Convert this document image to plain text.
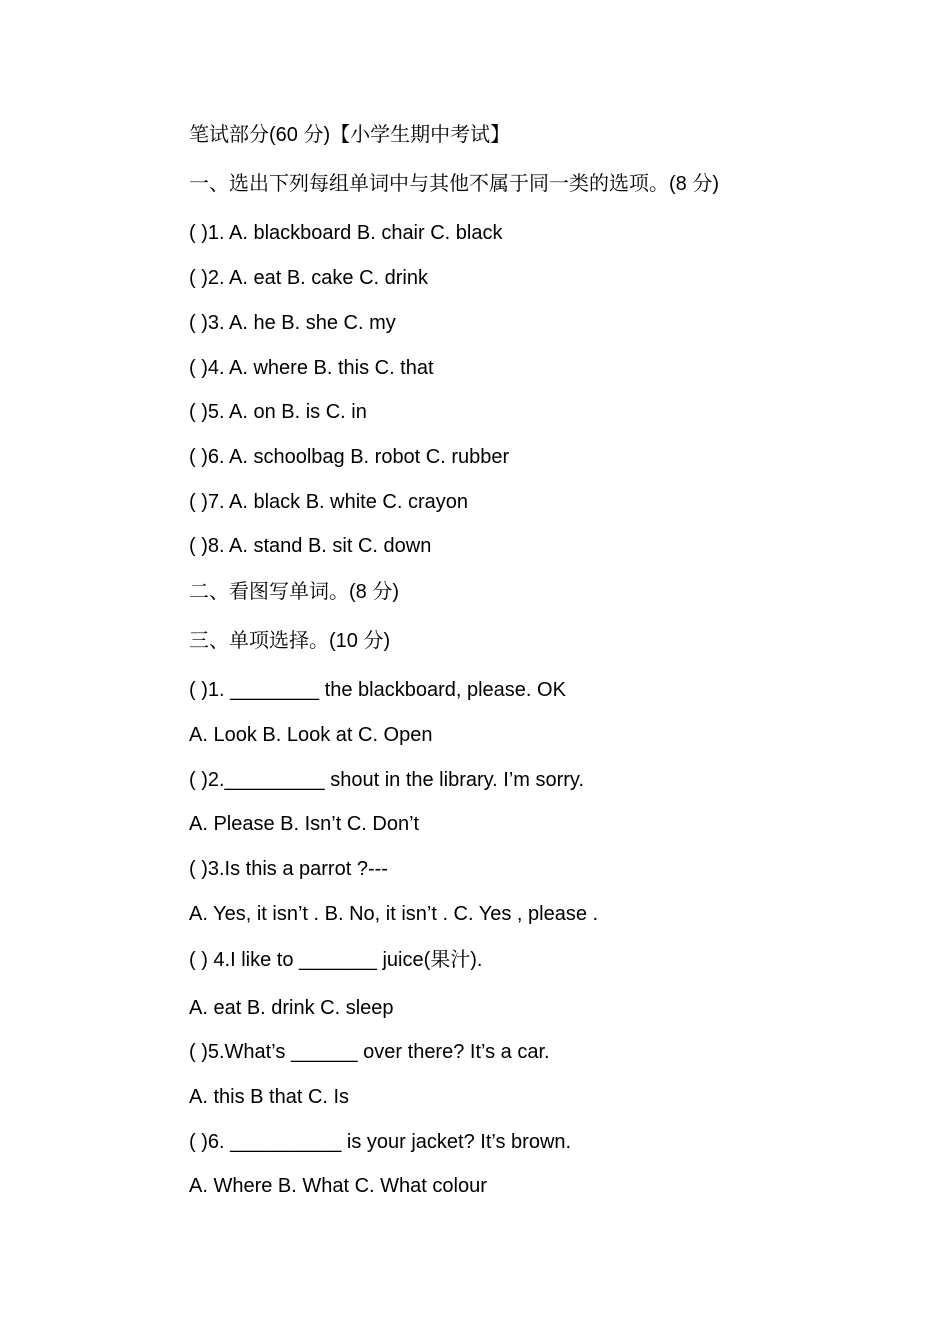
笔试部分(60 分)【小学生期中考试】
一、选出下列每组单词中与其他不属于同一类的选项。(8 分)
( )1. A. blackboard B. chair C. black
( )2. A. eat B. cake C. drink
( )3. A. he B. she C. my
( )4. A. where B. this C. that
( )5. A. on B. is C. in
( )6. A. schoolbag B. robot C. rubber
( )7. A. black B. white C. crayon
( )8. A. stand B. sit C. down
二、看图写单词。(8 分)
三、单项选择。(10 分)
( )1. ________ the blackboard, please. OK
A. Look B. Look at C. Open
( )2._________ shout in the library. I’m sorry.
A. Please B. Isn’t C. Don’t
( )3.Is this a parrot ?---
A. Yes, it isn’t . B. No, it isn’t . C. Yes , please .
( ) 4.I like to _______ juice(果汁).
A. eat B. drink C. sleep
( )5.What’s ______ over there? It’s a car.
A. this B that C. Is
( )6. __________ is your jacket? It’s brown.
A. Where B. What C. What colour
